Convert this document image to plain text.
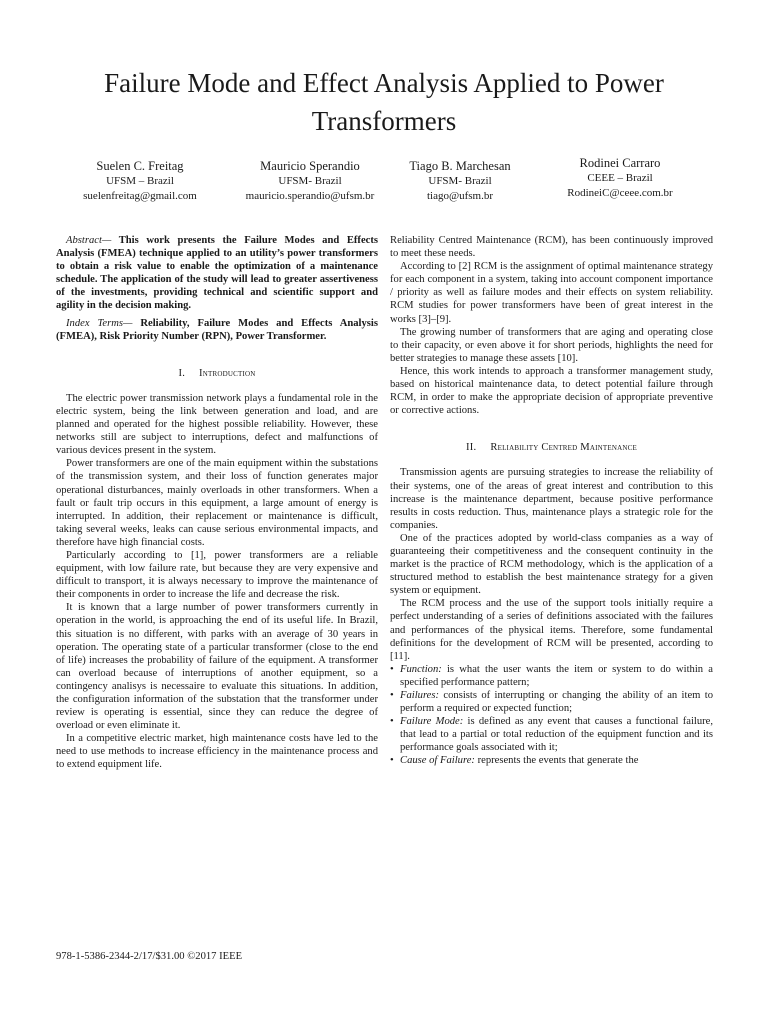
Failure Mode and Effect Analysis Applied to Power Transformers
Suelen C. Freitag
UFSM – Brazil
suelenfreitag@gmail.com
Mauricio Sperandio
UFSM- Brazil
mauricio.sperandio@ufsm.br
Tiago B. Marchesan
UFSM- Brazil
tiago@ufsm.br
Rodinei Carraro
CEEE – Brazil
RodineiC@ceee.com.br

Abstract— This work presents the Failure Modes and Effects Analysis (FMEA) technique applied to an utility’s power transformers to obtain a risk value to enable the optimization of a maintenance schedule. The application of the study will lead to greater assertiveness of the investments, providing technical and scientific support and agility in the decision making.

Index Terms— Reliability, Failure Modes and Effects Analysis (FMEA), Risk Priority Number (RPN), Power Transformer.

I. Introduction

The electric power transmission network plays a fundamental role in the electric system, being the link between generation and load, and are planned and operated for the highest possible reliability. However, these networks still are subject to interruptions, defect and malfunctions of various devices present in the system.

Power transformers are one of the main equipment within the substations of the transmission system, and their loss of function generates major operational disturbances, mainly overloads in other transformers. When a fault or fault trip occurs in this equipment, a large amount of energy is interrupted. In addition, their replacement or maintenance is difficult, taking several weeks, leaks can cause serious environmental impacts, and therefore have high financial costs.

Particularly according to [1], power transformers are a reliable equipment, with low failure rate, but because they are very expensive and difficult to transport, it is always necessary to improve the maintenance of their components in order to increase the life and decrease the risk.

It is known that a large number of power transformers currently in operation in the world, is approaching the end of its useful life. In Brazil, this situation is no different, with parks with an average of 30 years in operation. The operating state of a particular transformer (close to the end of life) increases the probability of failure of the equipment. A transformer can overload because of interruptions of another equipment, so a contingency analisys is necessaire to evaluate this situations. In addition, the configuration information of the substation that the transformer under review is operating is essential, since they can reduce the degree of overload or even eliminate it.

In a competitive electric market, high maintenance costs have led to the need to use methods to increase efficiency in the maintenance process and to extend equipment life.

Reliability Centred Maintenance (RCM), has been continuously improved to meet these needs.

According to [2] RCM is the assignment of optimal maintenance strategy for each component in a system, taking into account component importance / priority as well as failure modes and their effects on system reliability. RCM studies for power transformers have been of great interest in the works [3]–[9].

The growing number of transformers that are aging and operating close to their capacity, or even above it for short periods, highlights the need for better strategies to manage these assets [10].

Hence, this work intends to approach a transformer management study, based on historical maintenance data, to detect potential failure through RCM, in order to make the appropriate decision of appropriate preventive or corrective actions.

II. Reliability Centred Maintenance

Transmission agents are pursuing strategies to increase the reliability of their systems, one of the areas of great interest and contribution to this increase is the maintenance department, because positive performance results in costs reduction. Thus, maintenance plays a strategic role for the companies.

One of the practices adopted by world-class companies as a way of guaranteeing their competitiveness and the consequent continuity in the market is the practice of RCM methodology, which is the application of a structured method to establish the best maintenance strategy for a given system or equipment.

The RCM process and the use of the support tools initially require a perfect understanding of a series of definitions associated with the failures and performances of the physical items. Therefore, some fundamental definitions for the development of RCM will be presented, according to [11].

• Function: is what the user wants the item or system to do within a specified performance pattern;

• Failures: consists of interrupting or changing the ability of an item to perform a required or expected function;

• Failure Mode: is defined as any event that causes a functional failure, that lead to a partial or total reduction of the equipment function and its performance goals associated with it;

• Cause of Failure: represents the events that generate the

978-1-5386-2344-2/17/$31.00 ©2017 IEEE
